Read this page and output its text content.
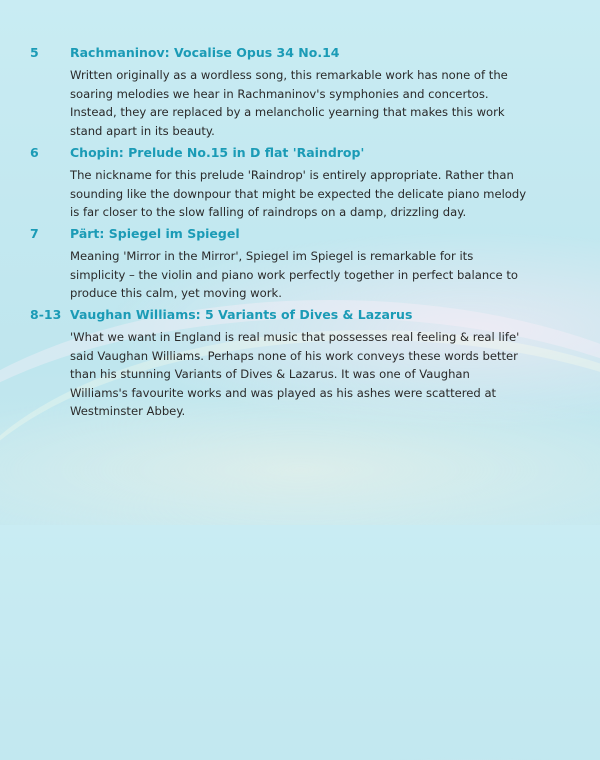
5	Rachmaninov: Vocalise Opus 34 No.14
Written originally as a wordless song, this remarkable work has none of the
soaring melodies we hear in Rachmaninov's symphonies and concertos.
Instead, they are replaced by a melancholic yearning that makes this work
stand apart in its beauty.
6	Chopin: Prelude No.15 in D flat 'Raindrop'
The nickname for this prelude 'Raindrop' is entirely appropriate. Rather than
sounding like the downpour that might be expected the delicate piano melody
is far closer to the slow falling of raindrops on a damp, drizzling day.
7	Pärt: Spiegel im Spiegel
Meaning 'Mirror in the Mirror', Spiegel im Spiegel is remarkable for its
simplicity – the violin and piano work perfectly together in perfect balance to
produce this calm, yet moving work.
8-13 Vaughan Williams: 5 Variants of Dives & Lazarus
'What we want in England is real music that possesses real feeling & real life'
said Vaughan Williams. Perhaps none of his work conveys these words better
than his stunning Variants of Dives & Lazarus. It was one of Vaughan
Williams's favourite works and was played as his ashes were scattered at
Westminster Abbey.
